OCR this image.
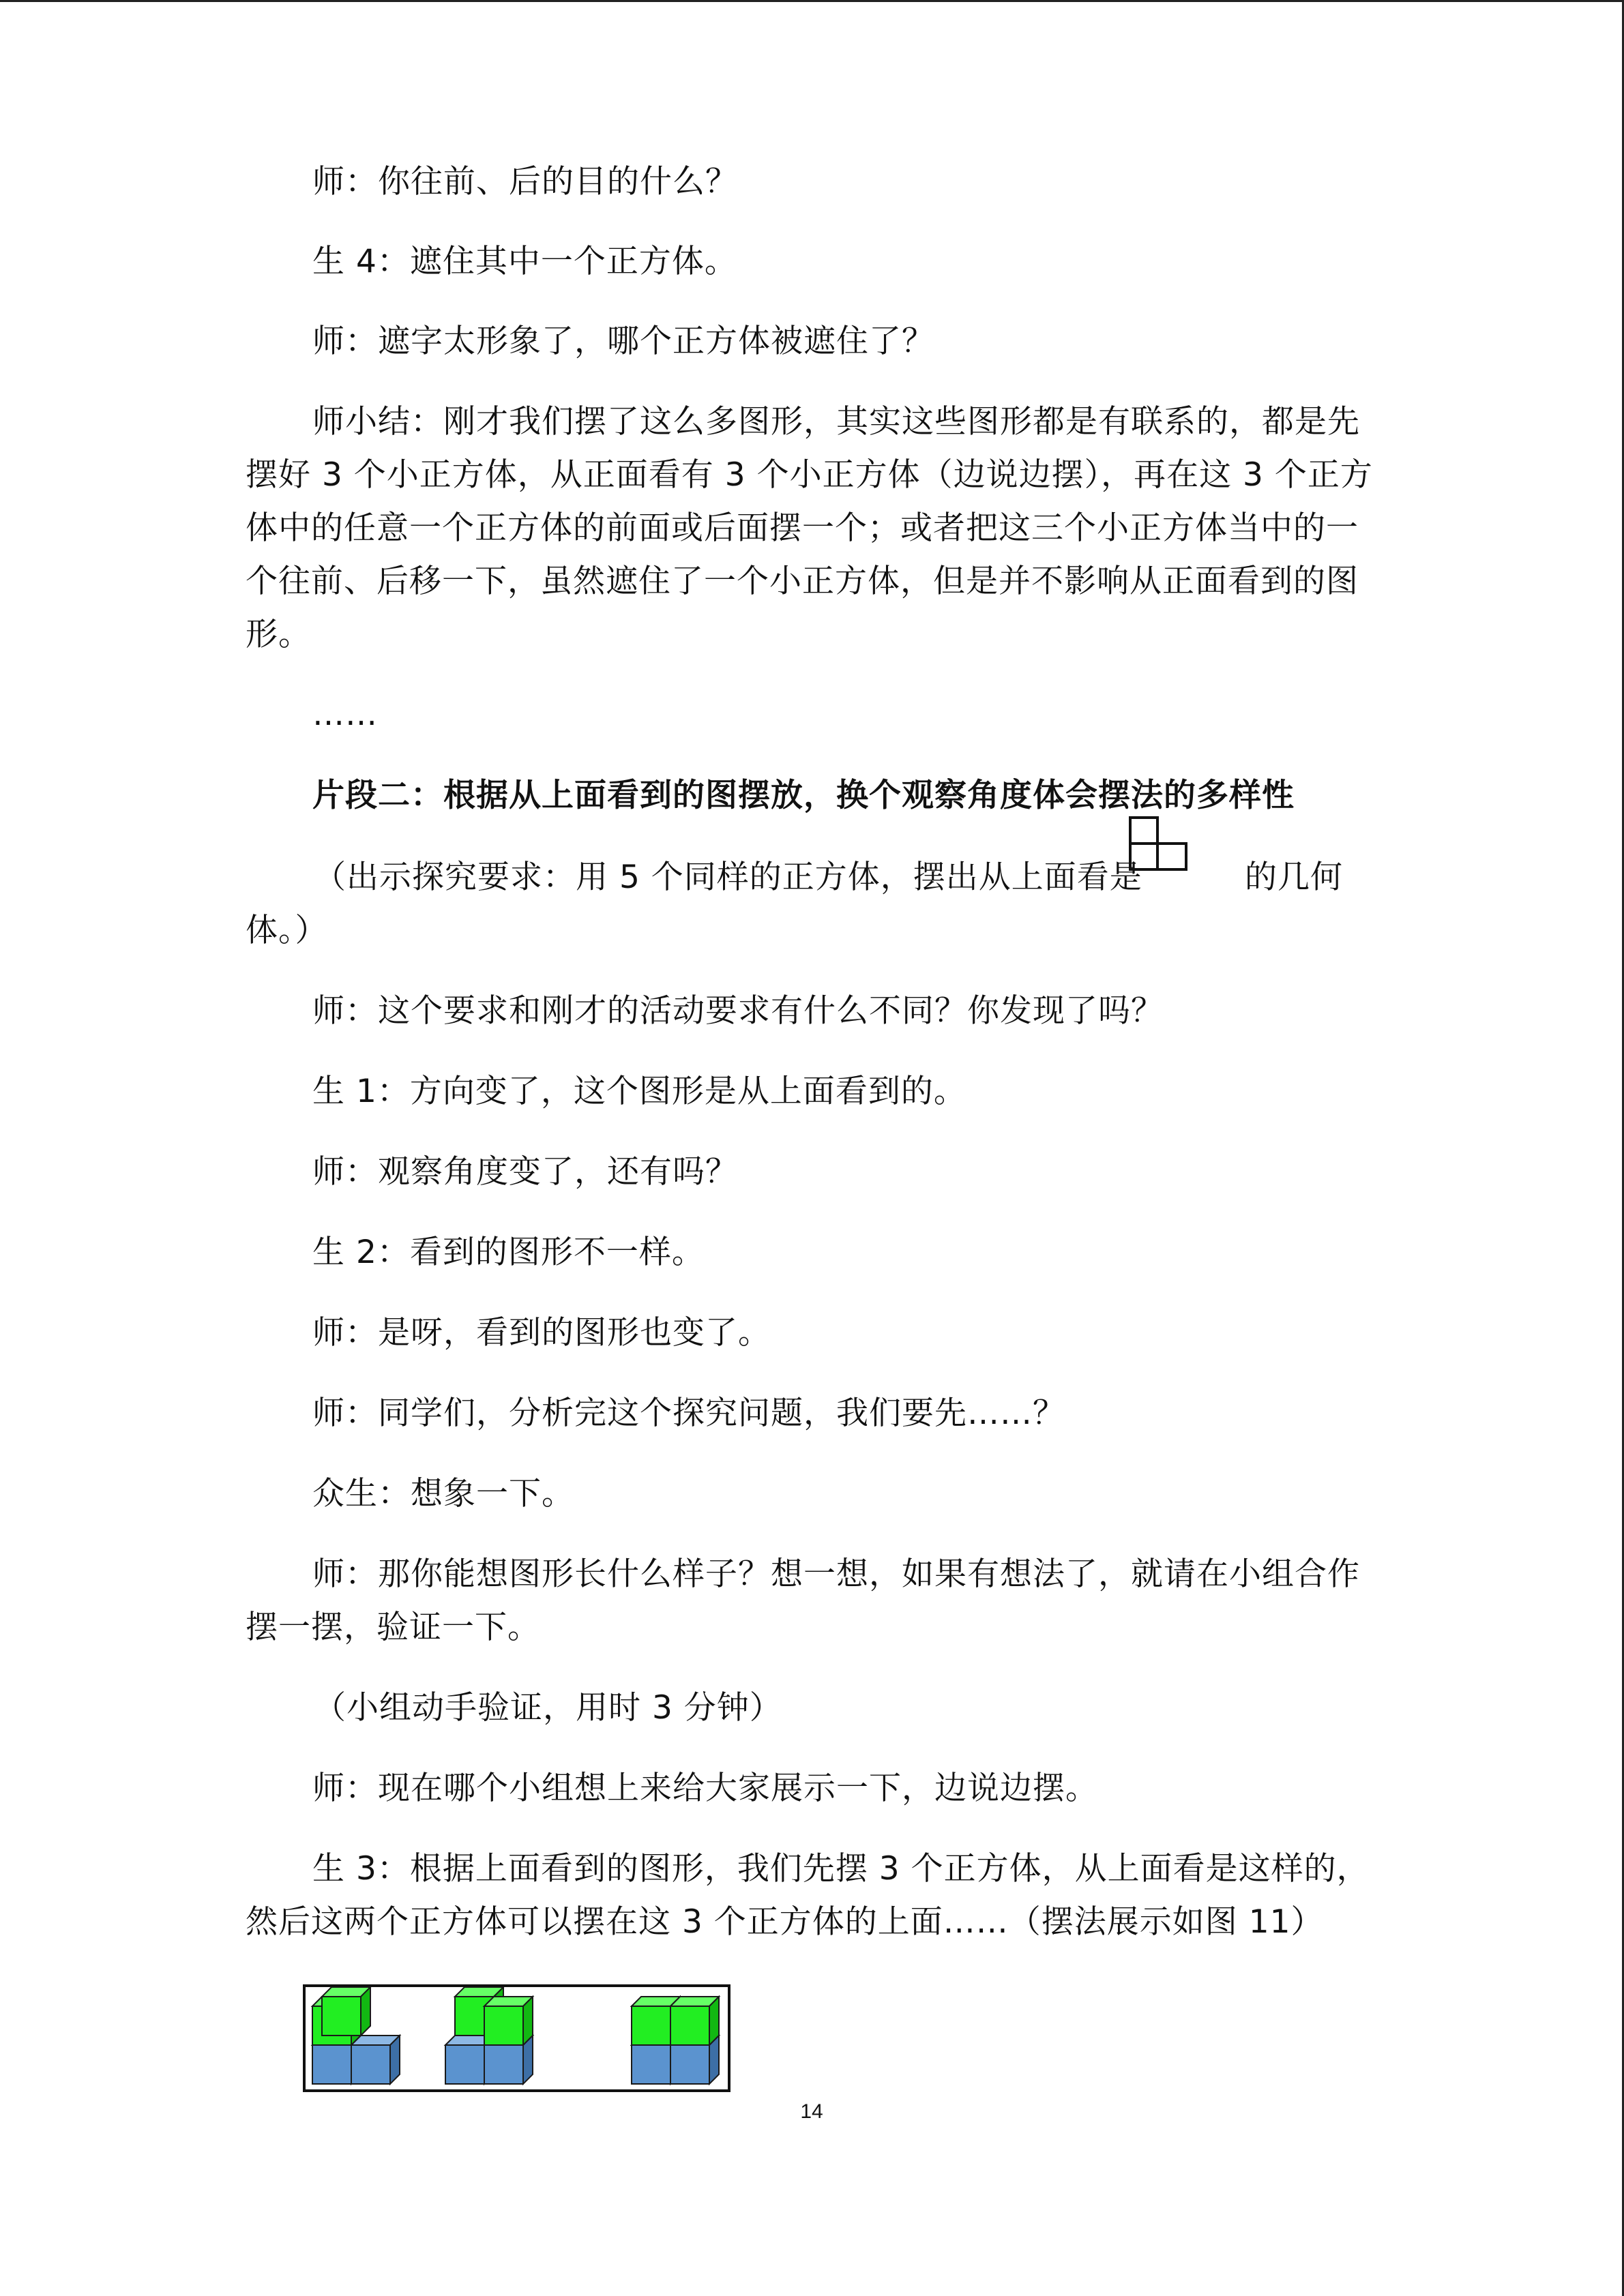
师：你往前、后的目的什么？
生 4：遮住其中一个正方体。
师：遮字太形象了，哪个正方体被遮住了？
师小结：刚才我们摆了这么多图形，其实这些图形都是有联系的，都是先
摆好 3 个小正方体，从正面看有 3 个小正方体（边说边摆），再在这 3 个正方
体中的任意一个正方体的前面或后面摆一个；或者把这三个小正方体当中的一
个往前、后移一下，虽然遮住了一个小正方体，但是并不影响从正面看到的图
形。
……
片段二：根据从上面看到的图摆放，换个观察角度体会摆法的多样性
（出示探究要求：用 5 个同样的正方体，摆出从上面看是	的几何
体。）
师：这个要求和刚才的活动要求有什么不同？你发现了吗？
生 1：方向变了，这个图形是从上面看到的。
师：观察角度变了，还有吗？
生 2：看到的图形不一样。
师：是呀，看到的图形也变了。
师：同学们，分析完这个探究问题，我们要先……？
众生：想象一下。
师：那你能想图形长什么样子？想一想，如果有想法了，就请在小组合作
摆一摆，验证一下。
（小组动手验证，用时 3 分钟）
师：现在哪个小组想上来给大家展示一下，边说边摆。
生 3：根据上面看到的图形，我们先摆 3 个正方体，从上面看是这样的，
然后这两个正方体可以摆在这 3 个正方体的上面……（摆法展示如图 11）
14
